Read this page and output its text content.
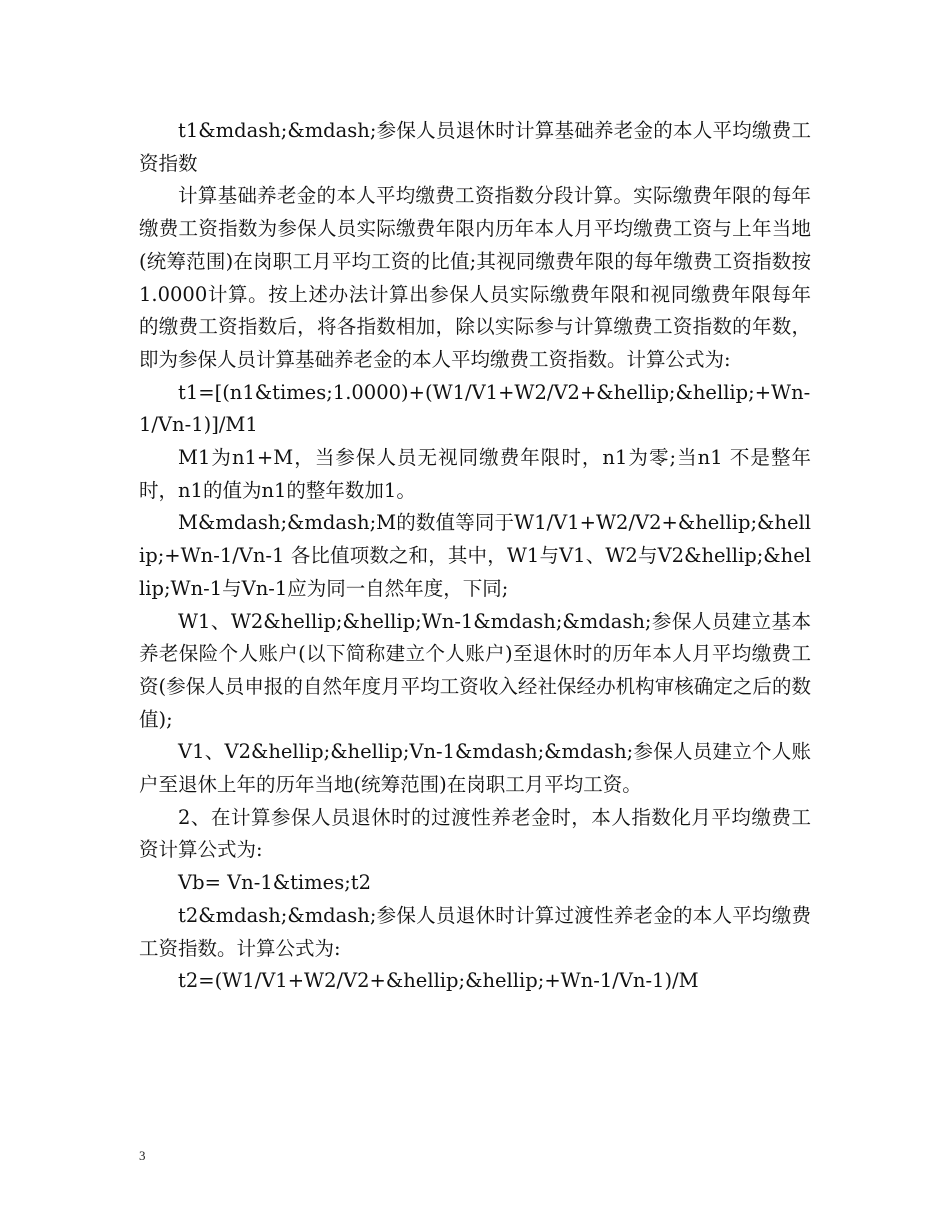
t1&mdash;&mdash;参保人员退休时计算基础养老金的本人平均缴费工资指数

计算基础养老金的本人平均缴费工资指数分段计算。实际缴费年限的每年缴费工资指数为参保人员实际缴费年限内历年本人月平均缴费工资与上年当地(统筹范围)在岗职工月平均工资的比值;其视同缴费年限的每年缴费工资指数按1.0000计算。按上述办法计算出参保人员实际缴费年限和视同缴费年限每年的缴费工资指数后，将各指数相加，除以实际参与计算缴费工资指数的年数，即为参保人员计算基础养老金的本人平均缴费工资指数。计算公式为:

t1=[(n1&times;1.0000)+(W1/V1+W2/V2+&hellip;&hellip;+Wn-1/Vn-1)]/M1

M1为n1+M，当参保人员无视同缴费年限时，n1为零;当n1 不是整年时，n1的值为n1的整年数加1。

M&mdash;&mdash;M的数值等同于W1/V1+W2/V2+&hellip;&hellip;+Wn-1/Vn-1 各比值项数之和，其中，W1与V1、W2与V2&hellip;&hellip;Wn-1与Vn-1应为同一自然年度，下同;

W1、W2&hellip;&hellip;Wn-1&mdash;&mdash;参保人员建立基本养老保险个人账户(以下简称建立个人账户)至退休时的历年本人月平均缴费工资(参保人员申报的自然年度月平均工资收入经社保经办机构审核确定之后的数值);

V1、V2&hellip;&hellip;Vn-1&mdash;&mdash;参保人员建立个人账户至退休上年的历年当地(统筹范围)在岗职工月平均工资。

2、在计算参保人员退休时的过渡性养老金时，本人指数化月平均缴费工资计算公式为:

Vb= Vn-1&times;t2

t2&mdash;&mdash;参保人员退休时计算过渡性养老金的本人平均缴费工资指数。计算公式为:

t2=(W1/V1+W2/V2+&hellip;&hellip;+Wn-1/Vn-1)/M

3
